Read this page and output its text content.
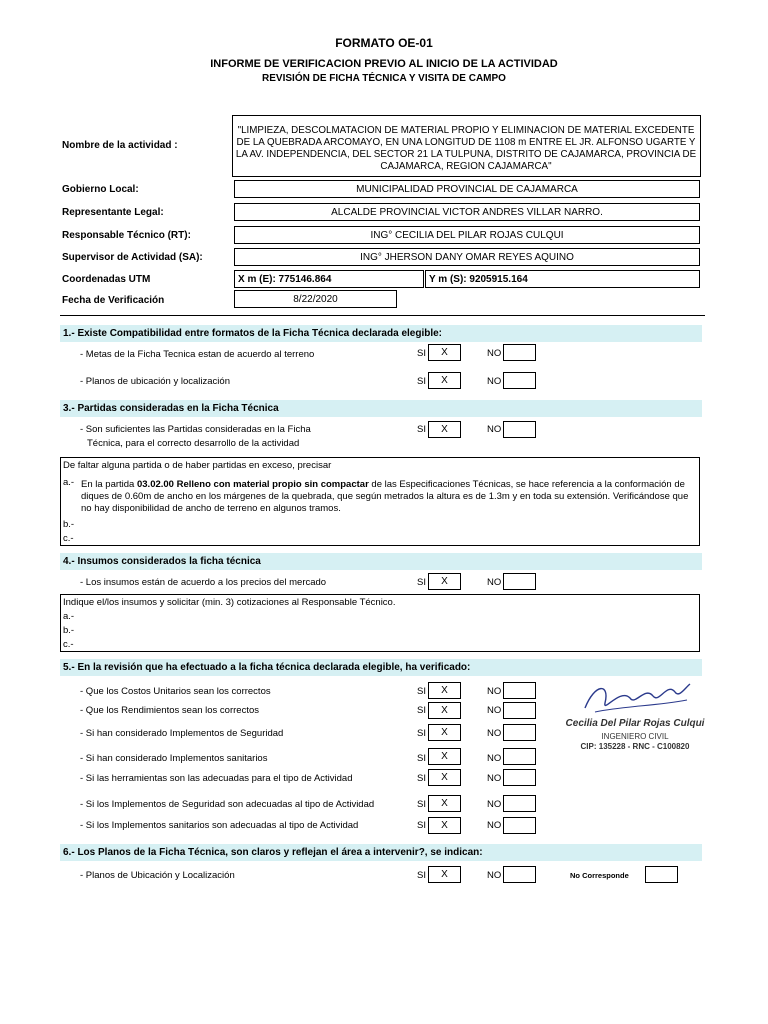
FORMATO OE-01
INFORME DE VERIFICACION PREVIO AL INICIO DE LA ACTIVIDAD
REVISIÓN DE FICHA TÉCNICA Y VISITA DE CAMPO
Nombre de la actividad :
"LIMPIEZA, DESCOLMATACION DE MATERIAL PROPIO Y ELIMINACION DE MATERIAL EXCEDENTE
DE LA QUEBRADA ARCOMAYO, EN UNA LONGITUD DE 1108 m ENTRE EL JR. ALFONSO UGARTE Y
LA AV. INDEPENDENCIA, DEL SECTOR 21 LA TULPUNA, DISTRITO DE CAJAMARCA, PROVINCIA DE
CAJAMARCA, REGION CAJAMARCA"
Gobierno Local:	MUNICIPALIDAD PROVINCIAL DE CAJAMARCA
Representante Legal:	ALCALDE PROVINCIAL VICTOR ANDRES VILLAR NARRO.
Responsable Técnico (RT):	ING° CECILIA DEL PILAR ROJAS CULQUI
Supervisor de Actividad (SA):	ING° JHERSON DANY OMAR REYES AQUINO
Coordenadas UTM	X m (E): 775146.864	Y m (S): 9205915.164
Fecha de Verificación	8/22/2020
1.- Existe Compatibilidad entre formatos de la Ficha Técnica declarada elegible:
- Metas de la Ficha Tecnica estan de acuerdo al terreno	SI	X	NO
- Planos de ubicación y localización	SI	X	NO
3.- Partidas consideradas en la Ficha Técnica
- Son suficientes las Partidas consideradas en la Ficha
Técnica, para el correcto desarrollo de la actividad
SI	X	NO
De faltar alguna partida o de haber partidas en exceso, precisar
a.- En la partida 03.02.00 Relleno con material propio sin compactar de las Especificaciones Técnicas, se hace referencia a la conformación de
diques de 0.60m de ancho en los márgenes de la quebrada, que según metrados la altura es de 1.3m y en toda su extensión. Verificándose que
no hay disponibilidad de ancho de terreno en algunos tramos.
b.-
c.-
4.- Insumos considerados la ficha técnica
- Los insumos están de acuerdo a los precios del mercado	SI	X	NO
Indique el/los insumos y solicitar (min. 3) cotizaciones al Responsable Técnico.
a.-
b.-
c.-
5.- En la revisión que ha efectuado a la ficha técnica declarada elegible, ha verificado:
- Que los Costos Unitarios sean los correctos	SI	X	NO
- Que los Rendimientos sean los correctos	SI	X	NO
- Si han considerado Implementos de Seguridad	SI	X	NO
- Si han considerado Implementos sanitarios	SI	X	NO
- Si las herramientas son las adecuadas para el tipo de Actividad	SI	X	NO
- Si los Implementos de Seguridad son adecuadas al tipo de Actividad	SI	X	NO
- Si los Implementos sanitarios son adecuadas al tipo de Actividad	SI	X	NO
Cecilia Del Pilar Rojas Culqui
INGENIERO CIVIL
CIP: 135228 - RNC - C100820
6.- Los Planos de la Ficha Técnica, son claros y reflejan el área a intervenir?, se indican:
- Planos de Ubicación y Localización	SI	X	NO	No Corresponde
